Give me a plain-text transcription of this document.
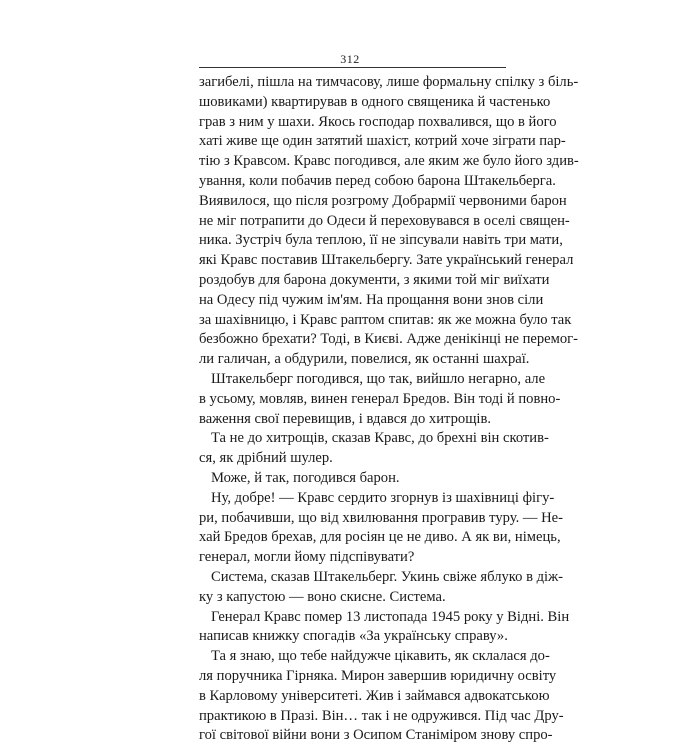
312
загибелі, пішла на тимчасову, лише формальну спілку з біль-
шовиками) квартирував в одного священика й частенько
грав з ним у шахи. Якось господар похвалився, що в його
хаті живе ще один затятий шахіст, котрий хоче зіграти пар-
тію з Кравсом. Кравс погодився, але яким же було його здив-
ування, коли побачив перед собою барона Штакельберга.
Виявилося, що після розгрому Добрармії червоними барон
не міг потрапити до Одеси й переховувався в оселі священ-
ника. Зустріч була теплою, її не зіпсували навіть три мати,
які Кравс поставив Штакельбергу. Зате український генерал
роздобув для барона документи, з якими той міг виїхати
на Одесу під чужим ім'ям. На прощання вони знов сіли
за шахівницю, і Кравс раптом спитав: як же можна було так
безбожно брехати? Тоді, в Києві. Адже денікінці не перемог-
ли галичан, а обдурили, повелися, як останні шахраї.
Штакельберг погодився, що так, вийшло негарно, але
в усьому, мовляв, винен генерал Бредов. Він тоді й повно-
важення свої перевищив, і вдався до хитрощів.
Та не до хитрощів, сказав Кравс, до брехні він скотив-
ся, як дрібний шулер.
Може, й так, погодився барон.
Ну, добре! — Кравс сердито згорнув із шахівниці фігу-
ри, побачивши, що від хвилювання програвив туру. — Не-
хай Бредов брехав, для росіян це не диво. А як ви, німець,
генерал, могли йому підспівувати?
Система, сказав Штакельберг. Укинь свіже яблуко в діж-
ку з капустою — воно скисне. Система.
Генерал Кравс помер 13 листопада 1945 року у Відні. Він
написав книжку спогадів «За українську справу».
Та я знаю, що тебе найдужче цікавить, як склалася до-
ля поручника Гірняка. Мирон завершив юридичну освіту
в Карловому університеті. Жив і займався адвокатською
практикою в Празі. Він… так і не одружився. Під час Дру-
гої світової війни вони з Осипом Станіміром знову спро-
